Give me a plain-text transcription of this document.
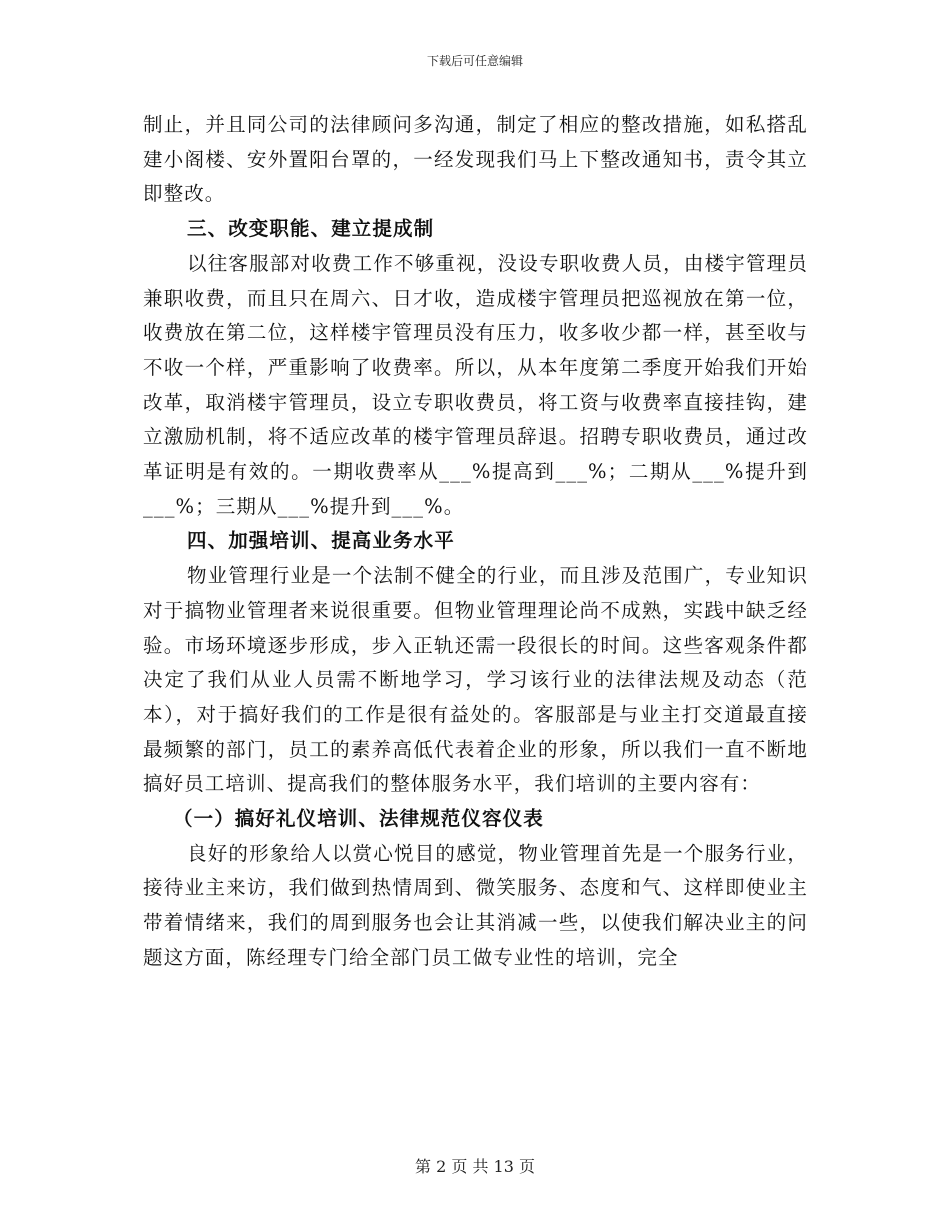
下载后可任意编辑

制止，并且同公司的法律顾问多沟通，制定了相应的整改措施，如私搭乱建小阁楼、安外置阳台罩的，一经发现我们马上下整改通知书，责令其立即整改。

三、改变职能、建立提成制

以往客服部对收费工作不够重视，没设专职收费人员，由楼宇管理员兼职收费，而且只在周六、日才收，造成楼宇管理员把巡视放在第一位，收费放在第二位，这样楼宇管理员没有压力，收多收少都一样，甚至收与不收一个样，严重影响了收费率。所以，从本年度第二季度开始我们开始改革，取消楼宇管理员，设立专职收费员，将工资与收费率直接挂钩，建立激励机制，将不适应改革的楼宇管理员辞退。招聘专职收费员，通过改革证明是有效的。一期收费率从___%提高到___%；二期从___%提升到___%；三期从___%提升到___%。

四、加强培训、提高业务水平

物业管理行业是一个法制不健全的行业，而且涉及范围广，专业知识对于搞物业管理者来说很重要。但物业管理理论尚不成熟，实践中缺乏经验。市场环境逐步形成，步入正轨还需一段很长的时间。这些客观条件都决定了我们从业人员需不断地学习，学习该行业的法律法规及动态（范本），对于搞好我们的工作是很有益处的。客服部是与业主打交道最直接最频繁的部门，员工的素养高低代表着企业的形象，所以我们一直不断地搞好员工培训、提高我们的整体服务水平，我们培训的主要内容有：

（一）搞好礼仪培训、法律规范仪容仪表

良好的形象给人以赏心悦目的感觉，物业管理首先是一个服务行业，接待业主来访，我们做到热情周到、微笑服务、态度和气、这样即使业主带着情绪来，我们的周到服务也会让其消减一些，以使我们解决业主的问题这方面，陈经理专门给全部门员工做专业性的培训，完全

第 2 页 共 13 页
